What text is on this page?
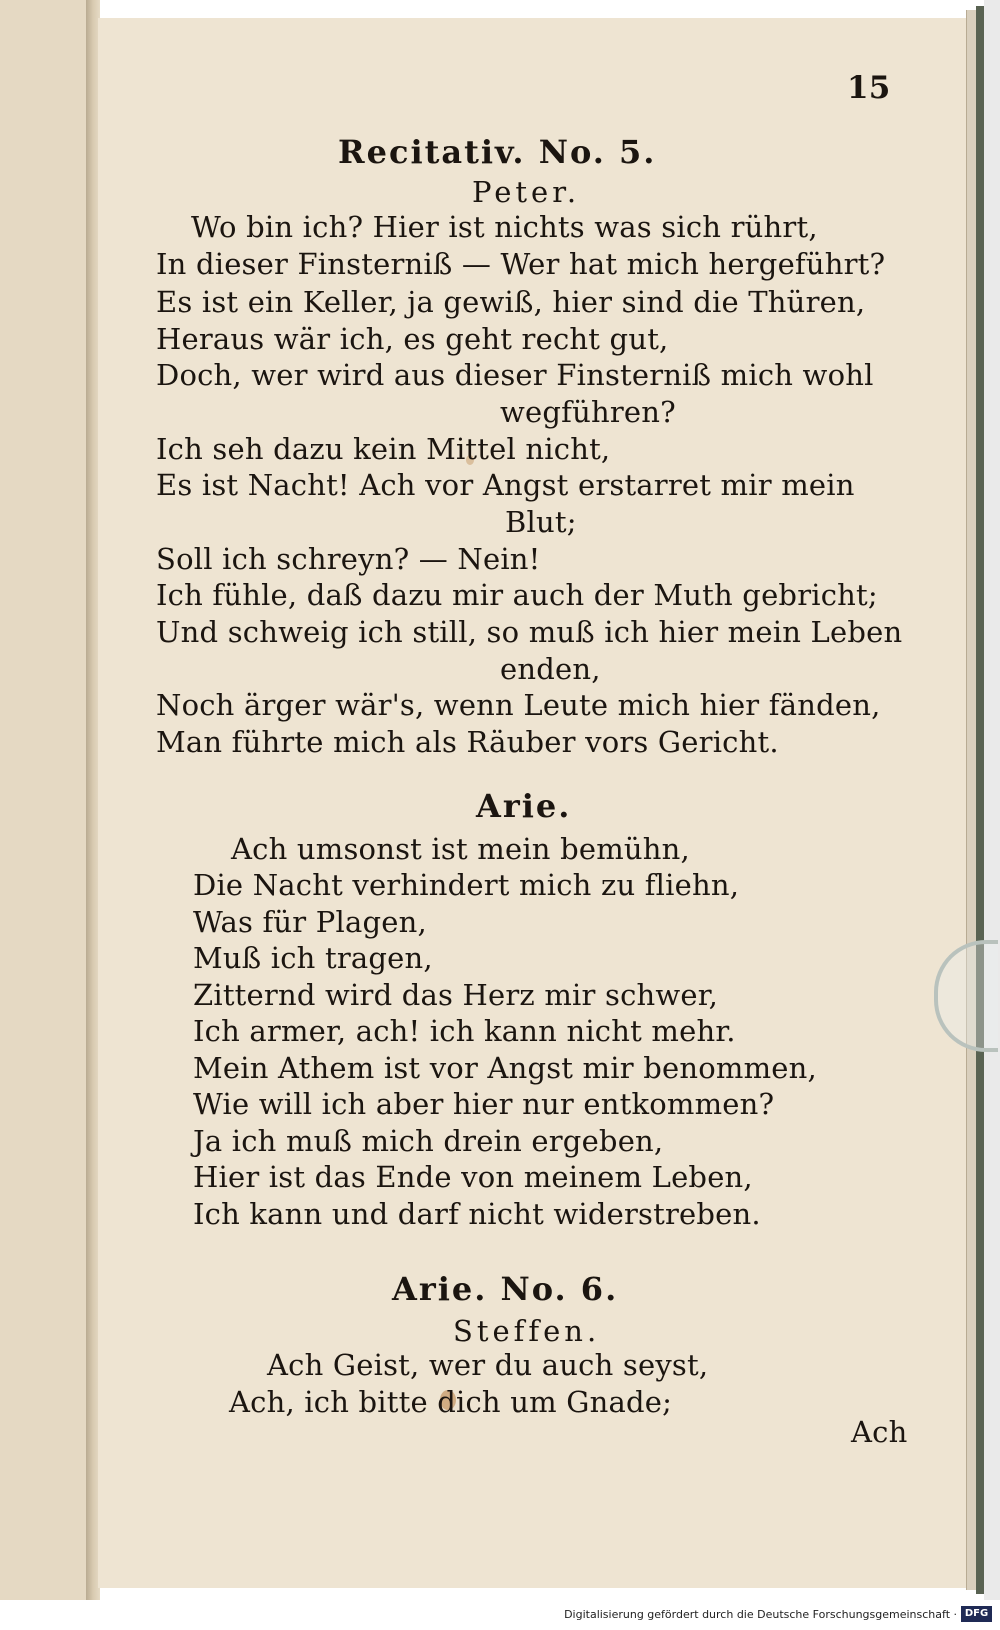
15
Recitativ. No. 5.
Peter.
Wo bin ich? Hier ist nichts was sich rührt,
In dieser Finsterniß — Wer hat mich hergeführt?
Es ist ein Keller, ja gewiß, hier sind die Thüren,
Heraus wär ich, es geht recht gut,
Doch, wer wird aus dieser Finsterniß mich wohl
wegführen?
Ich seh dazu kein Mittel nicht,
Es ist Nacht! Ach vor Angst erstarret mir mein
Blut;
Soll ich schreyn? — Nein!
Ich fühle, daß dazu mir auch der Muth gebricht;
Und schweig ich still, so muß ich hier mein Leben
enden,
Noch ärger wär's, wenn Leute mich hier fänden,
Man führte mich als Räuber vors Gericht.
Arie.
Ach umsonst ist mein bemühn,
Die Nacht verhindert mich zu fliehn,
Was für Plagen,
Muß ich tragen,
Zitternd wird das Herz mir schwer,
Ich armer, ach! ich kann nicht mehr.
Mein Athem ist vor Angst mir benommen,
Wie will ich aber hier nur entkommen?
Ja ich muß mich drein ergeben,
Hier ist das Ende von meinem Leben,
Ich kann und darf nicht widerstreben.
Arie. No. 6.
Steffen.
Ach Geist, wer du auch seyst,
Ach, ich bitte dich um Gnade;
Ach
Digitalisierung gefördert durch die Deutsche Forschungsgemeinschaft · DFG
